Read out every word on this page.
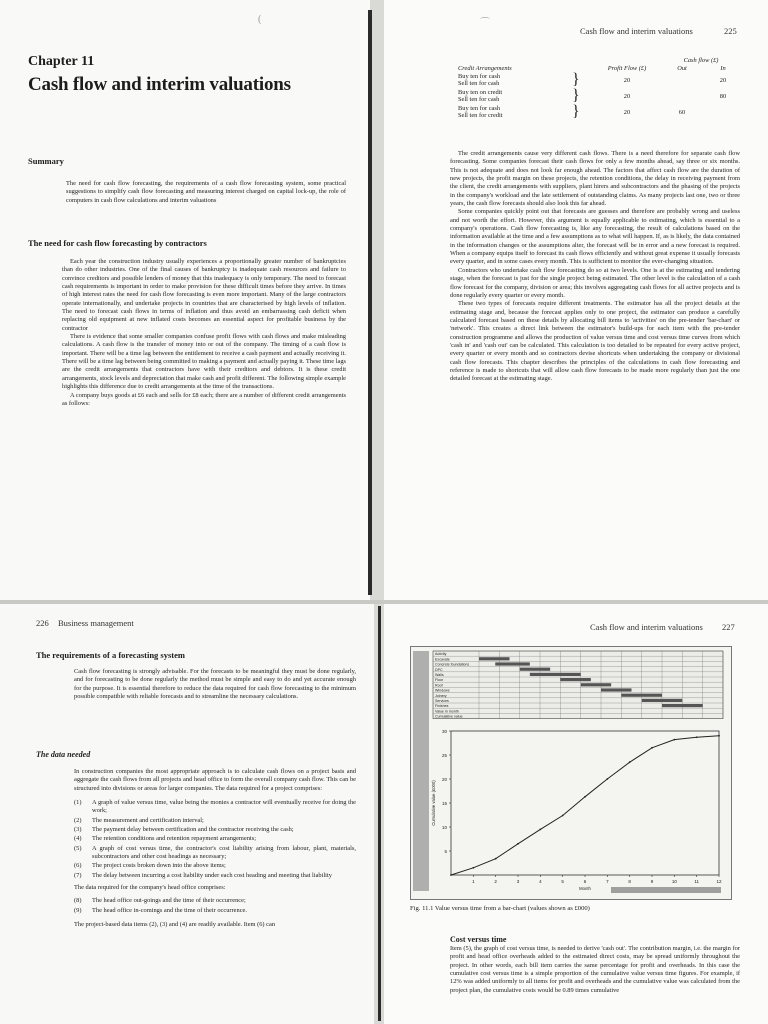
Chapter 11
Cash flow and interim valuations
Summary

The need for cash flow forecasting, the requirements of a cash flow forecasting system, some practical suggestions to simplify cash flow forecasting and measuring interest charged on capital lock-up, the role of computers in cash flow calculations and interim valuations

The need for cash flow forecasting by contractors

Each year the construction industry usually experiences a proportionally greater number of bankruptcies than do other industries. One of the final causes of bankruptcy is inadequate cash resources and failure to convince creditors and possible lenders of money that this inadequacy is only temporary. The need to forecast cash requirements is important in order to make provision for these difficult times before they arrive. In times of high interest rates the need for cash flow forecasting is even more important. Many of the large contractors operate internationally, and undertake projects in countries that are characterised by high levels of inflation. The need to forecast cash flows in terms of inflation and thus avoid an embarrassing cash deficit when replacing old equipment at new inflated costs becomes an essential aspect for profitable business by the contractor

There is evidence that some smaller companies confuse profit flows with cash flows and make misleading calculations. A cash flow is the transfer of money into or out of the company. The timing of a cash flow is important. There will be a time lag between the entitlement to receive a cash payment and actually receiving it. There will be a time lag between being committed to making a payment and actually paying it. These time lags are the credit arrangements that contractors have with their creditors and debtors. It is these credit arrangements, stock levels and depreciation that make cash and profit different. The following simple example highlights this difference due to credit arrangements at the time of the transactions.

A company buys goods at £6 each and sells for £8 each; there are a number of different credit arrangements as follows:

(
Cash flow and interim valuations	225
			Cash flow (£)	
Credit Arrangements		Profit Flow (£)	Out	In

Buy ten for cash
Sell ten for cash	}	20		20

Buy ten on credit
Sell ten for cash	}	20		80

Buy ten for cash
Sell ten for credit	}	20	60	

The credit arrangements cause very different cash flows. There is a need therefore for separate cash flow forecasting. Some companies forecast their cash flows for only a few months ahead, say three or six months. This is not adequate and does not look far enough ahead. The factors that affect cash flow are the duration of new projects, the profit margin on these projects, the retention conditions, the delay in receiving payment from the client, the credit arrangements with suppliers, plant hirers and subcontractors and the phasing of the projects in the company's workload and the late settlement of outstanding claims. As many projects last one, two or three years, the cash flow forecasts should also look this far ahead.

Some companies quickly point out that forecasts are guesses and therefore are probably wrong and useless and not worth the effort. However, this argument is equally applicable to estimating, which is essential to a company's operations. Cash flow forecasting is, like any forecasting, the result of calculations based on the information available at the time and a few assumptions as to what will happen. If, as is likely, the data contained in the information changes or the assumptions alter, the forecast will be in error and a new forecast is required. When a company equips itself to forecast its cash flows efficiently and without great expense it usually forecasts every quarter, and in some cases every month. This is sufficient to monitor the ever-changing situation.

Contractors who undertake cash flow forecasting do so at two levels. One is at the estimating and tendering stage, when the forecast is just for the single project being estimated. The other level is the calculation of a cash flow forecast for the company, division or area; this involves aggregating cash flows for all active projects and is done regularly every quarter or every month.

These two types of forecasts require different treatments. The estimator has all the project details at the estimating stage and, because the forecast applies only to one project, the estimator can produce a carefully calculated forecast based on these details by allocating bill items to 'activities' on the pre-tender 'bar-chart' or 'network'. This creates a direct link between the estimator's build-ups for each item with the pre-tender construction programme and allows the production of value versus time and cost versus time curves from which 'cash in' and 'cash out' can be calculated. This calculation is too detailed to be repeated for every active project, every quarter or every month and so contractors devise shortcuts when undertaking the company or divisional cash flow forecasts. This chapter describes the principles of the calculations in cash flow forecasting and reference is made to shortcuts that will allow cash flow forecasts to be made more regularly than just the one detailed forecast at the estimating stage.

⌒
226 Business management
The requirements of a forecasting system

Cash flow forecasting is strongly advisable. For the forecasts to be meaningful they must be done regularly, and for forecasting to be done regularly the method must be simple and easy to do and yet accurate enough for the purpose. It is essential therefore to reduce the data required for cash flow forecasting to the minimum possible compatible with reliable forecasts and to streamline the necessary calculations.

The data needed

In construction companies the most appropriate approach is to calculate cash flows on a project basis and aggregate the cash flows from all projects and head office to form the overall company cash flow. This can be structured into divisions or areas for larger companies. The data required for a project comprises:

(1) A graph of value versus time, value being the monies a contractor will eventually receive for doing the work;
(2) The measurement and certification interval;
(3) The payment delay between certification and the contractor receiving the cash;
(4) The retention conditions and retention repayment arrangements;
(5) A graph of cost versus time, the contractor's cost liability arising from labour, plant, materials, subcontractors and other cost headings as necessary;
(6) The project costs broken down into the above items;
(7) The delay between incurring a cost liability under each cost heading and meeting that liability

The data required for the company's head office comprises:

(8) The head office out-goings and the time of their occurrence;
(9) The head office in-comings and the time of their occurrence.

The project-based data items (2), (3) and (4) are readily available. Item (6) can

Cash flow and interim valuations 227
Cost versus time

Item (5), the graph of cost versus time, is needed to derive 'cash out'. The contribution margin, i.e. the margin for profit and head office overheads added to the estimated direct costs, may be spread uniformly throughout the project. In other words, each bill item carries the same percentage for profit and overheads. In this case the cumulative cost versus time is a simple proportion of the cumulative value versus time figures. For example, if 12% was added uniformly to all items for profit and overheads and the cumulative value was calculated from the project plan, the cumulative costs would be 0.89 times cumulative

Activity
Excavate
Concrete foundations
DPC
Walls
Floor
Roof
Windows
Joinery
Services
Finishes
Value in month
Cumulative value
5
10
15
20
25
30
1	2	3	4	5	6	7	8	9	10	11	12
Cumulative value (£000)
Month
Fig. 11.1 Value versus time from a bar-chart (values shown as £000)
